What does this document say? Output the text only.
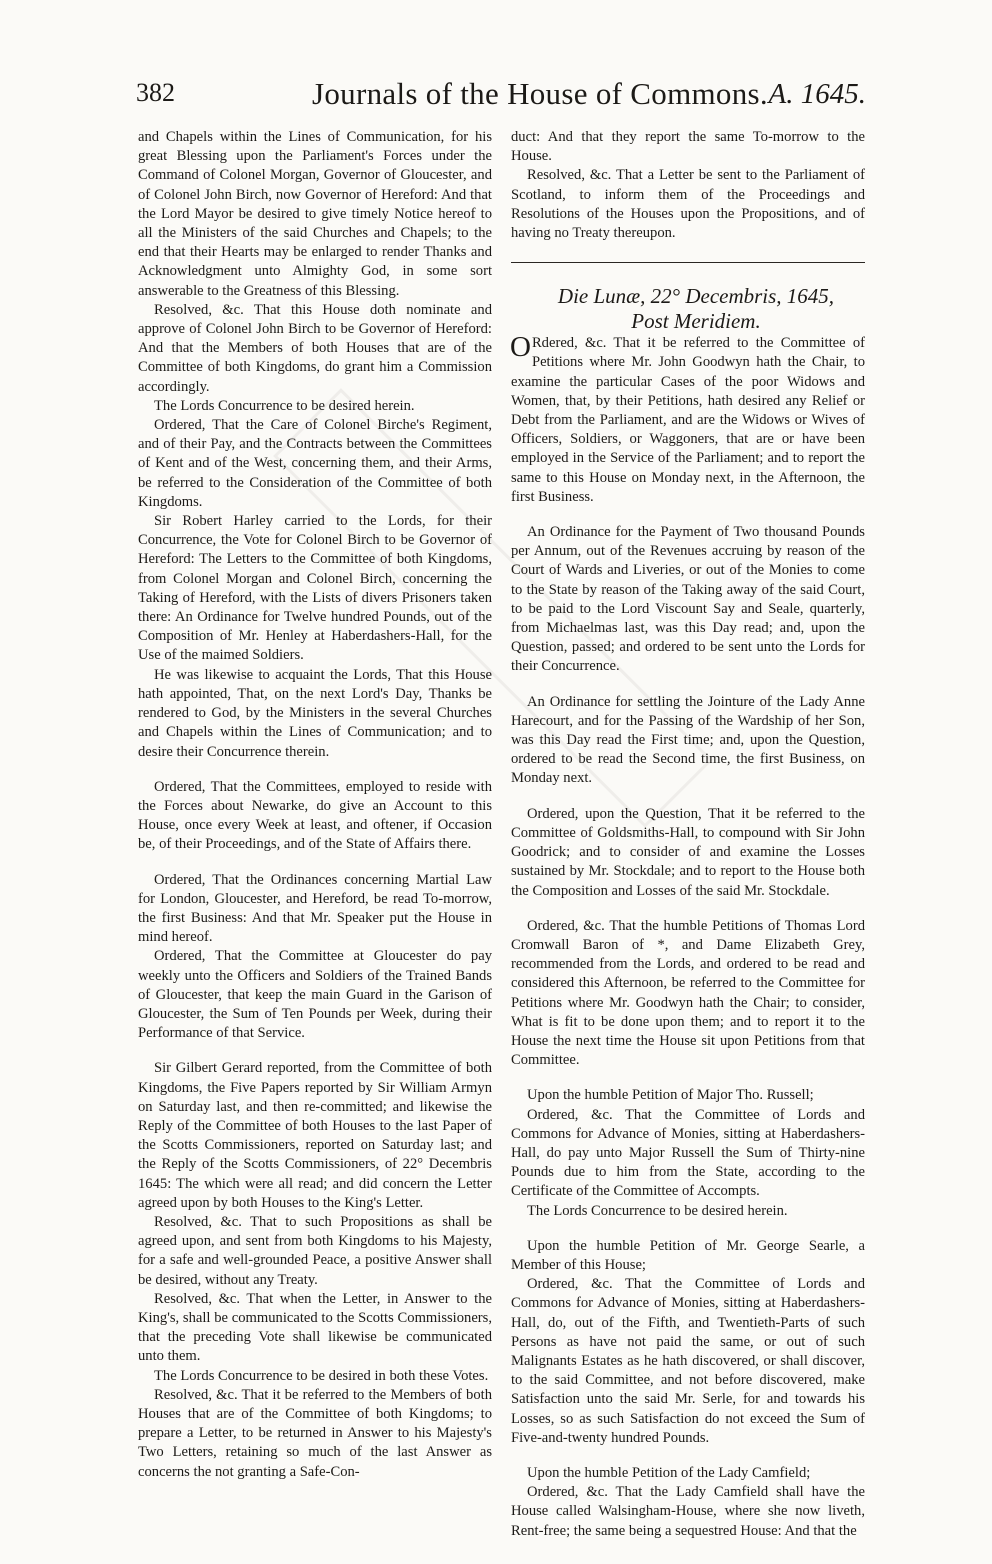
382	Journals of the House of Commons. A. 1645.

and Chapels within the Lines of Communication, for his great Blessing upon the Parliament's Forces under the Command of Colonel Morgan, Governor of Gloucester, and of Colonel John Birch, now Governor of Hereford: And that the Lord Mayor be desired to give timely Notice hereof to all the Ministers of the said Churches and Chapels; to the end that their Hearts may be enlarged to render Thanks and Acknowledgment unto Almighty God, in some sort answerable to the Greatness of this Blessing.

Resolved, &c. That this House doth nominate and approve of Colonel John Birch to be Governor of Hereford: And that the Members of both Houses that are of the Committee of both Kingdoms, do grant him a Commission accordingly.

The Lords Concurrence to be desired herein.

Ordered, That the Care of Colonel Birche's Regiment, and of their Pay, and the Contracts between the Committees of Kent and of the West, concerning them, and their Arms, be referred to the Consideration of the Committee of both Kingdoms.

Sir Robert Harley carried to the Lords, for their Concurrence, the Vote for Colonel Birch to be Governor of Hereford: The Letters to the Committee of both Kingdoms, from Colonel Morgan and Colonel Birch, concerning the Taking of Hereford, with the Lists of divers Prisoners taken there: An Ordinance for Twelve hundred Pounds, out of the Composition of Mr. Henley at Haberdashers-Hall, for the Use of the maimed Soldiers.

He was likewise to acquaint the Lords, That this House hath appointed, That, on the next Lord's Day, Thanks be rendered to God, by the Ministers in the several Churches and Chapels within the Lines of Communication; and to desire their Concurrence therein.

Ordered, That the Committees, employed to reside with the Forces about Newarke, do give an Account to this House, once every Week at least, and oftener, if Occasion be, of their Proceedings, and of the State of Affairs there.

Ordered, That the Ordinances concerning Martial Law for London, Gloucester, and Hereford, be read To-morrow, the first Business: And that Mr. Speaker put the House in mind hereof.

Ordered, That the Committee at Gloucester do pay weekly unto the Officers and Soldiers of the Trained Bands of Gloucester, that keep the main Guard in the Garison of Gloucester, the Sum of Ten Pounds per Week, during their Performance of that Service.

Sir Gilbert Gerard reported, from the Committee of both Kingdoms, the Five Papers reported by Sir William Armyn on Saturday last, and then re-committed; and likewise the Reply of the Committee of both Houses to the last Paper of the Scotts Commissioners, reported on Saturday last; and the Reply of the Scotts Commissioners, of 22° Decembris 1645: The which were all read; and did concern the Letter agreed upon by both Houses to the King's Letter.

Resolved, &c. That to such Propositions as shall be agreed upon, and sent from both Kingdoms to his Majesty, for a safe and well-grounded Peace, a positive Answer shall be desired, without any Treaty.

Resolved, &c. That when the Letter, in Answer to the King's, shall be communicated to the Scotts Commissioners, that the preceding Vote shall likewise be communicated unto them.

The Lords Concurrence to be desired in both these Votes.

Resolved, &c. That it be referred to the Members of both Houses that are of the Committee of both Kingdoms; to prepare a Letter, to be returned in Answer to his Majesty's Two Letters, retaining so much of the last Answer as concerns the not granting a Safe-Con-

duct: And that they report the same To-morrow to the House.

Resolved, &c. That a Letter be sent to the Parliament of Scotland, to inform them of the Proceedings and Resolutions of the Houses upon the Propositions, and of having no Treaty thereupon.

Die Lunæ, 22° Decembris, 1645,

Post Meridiem.

O Rdered, &c. That it be referred to the Committee of Petitions where Mr. John Goodwyn hath the Chair, to examine the particular Cases of the poor Widows and Women, that, by their Petitions, hath desired any Relief or Debt from the Parliament, and are the Widows or Wives of Officers, Soldiers, or Waggoners, that are or have been employed in the Service of the Parliament; and to report the same to this House on Monday next, in the Afternoon, the first Business.

An Ordinance for the Payment of Two thousand Pounds per Annum, out of the Revenues accruing by reason of the Court of Wards and Liveries, or out of the Monies to come to the State by reason of the Taking away of the said Court, to be paid to the Lord Viscount Say and Seale, quarterly, from Michaelmas last, was this Day read; and, upon the Question, passed; and ordered to be sent unto the Lords for their Concurrence.

An Ordinance for settling the Jointure of the Lady Anne Harecourt, and for the Passing of the Wardship of her Son, was this Day read the First time; and, upon the Question, ordered to be read the Second time, the first Business, on Monday next.

Ordered, upon the Question, That it be referred to the Committee of Goldsmiths-Hall, to compound with Sir John Goodrick; and to consider of and examine the Losses sustained by Mr. Stockdale; and to report to the House both the Composition and Losses of the said Mr. Stockdale.

Ordered, &c. That the humble Petitions of Thomas Lord Cromwall Baron of *, and Dame Elizabeth Grey, recommended from the Lords, and ordered to be read and considered this Afternoon, be referred to the Committee for Petitions where Mr. Goodwyn hath the Chair; to consider, What is fit to be done upon them; and to report it to the House the next time the House sit upon Petitions from that Committee.

Upon the humble Petition of Major Tho. Russell;

Ordered, &c. That the Committee of Lords and Commons for Advance of Monies, sitting at Haberdashers-Hall, do pay unto Major Russell the Sum of Thirty-nine Pounds due to him from the State, according to the Certificate of the Committee of Accompts.

The Lords Concurrence to be desired herein.

Upon the humble Petition of Mr. George Searle, a Member of this House;

Ordered, &c. That the Committee of Lords and Commons for Advance of Monies, sitting at Haberdashers-Hall, do, out of the Fifth, and Twentieth-Parts of such Persons as have not paid the same, or out of such Malignants Estates as he hath discovered, or shall discover, to the said Committee, and not before discovered, make Satisfaction unto the said Mr. Serle, for and towards his Losses, so as such Satisfaction do not exceed the Sum of Five-and-twenty hundred Pounds.

Upon the humble Petition of the Lady Camfield;

Ordered, &c. That the Lady Camfield shall have the House called Walsingham-House, where she now liveth, Rent-free; the same being a sequestred House: And that the
